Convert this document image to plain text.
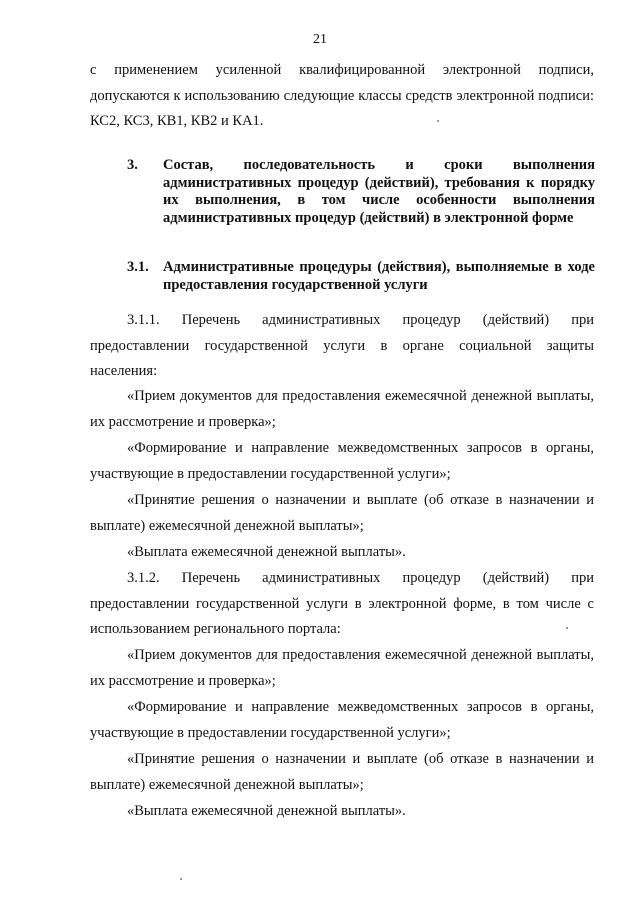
21
с применением усиленной квалифицированной электронной подписи, допускаются к использованию следующие классы средств электронной подписи: КС2, КС3, КВ1, КВ2 и КА1.
3. Состав, последовательность и сроки выполнения административных процедур (действий), требования к порядку их выполнения, в том числе особенности выполнения административных процедур (действий) в электронной форме
3.1. Административные процедуры (действия), выполняемые в ходе предоставления государственной услуги
3.1.1. Перечень административных процедур (действий) при предоставлении государственной услуги в органе социальной защиты населения:
«Прием документов для предоставления ежемесячной денежной выплаты, их рассмотрение и проверка»;
«Формирование и направление межведомственных запросов в органы, участвующие в предоставлении государственной услуги»;
«Принятие решения о назначении и выплате (об отказе в назначении и выплате) ежемесячной денежной выплаты»;
«Выплата ежемесячной денежной выплаты».
3.1.2. Перечень административных процедур (действий) при предоставлении государственной услуги в электронной форме, в том числе с использованием регионального портала:
«Прием документов для предоставления ежемесячной денежной выплаты, их рассмотрение и проверка»;
«Формирование и направление межведомственных запросов в органы, участвующие в предоставлении государственной услуги»;
«Принятие решения о назначении и выплате (об отказе в назначении и выплате) ежемесячной денежной выплаты»;
«Выплата ежемесячной денежной выплаты».
